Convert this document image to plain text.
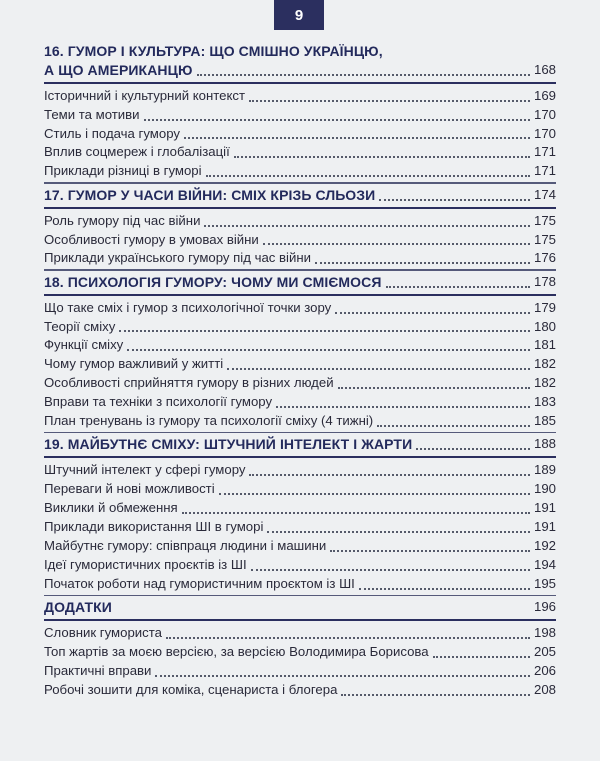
9
16. ГУМОР І КУЛЬТУРА: ЩО СМІШНО УКРАЇНЦЮ,
А ЩО АМЕРИКАНЦЮ	168
Історичний і культурний контекст	169
Теми та мотиви	170
Стиль і подача гумору	170
Вплив соцмереж і глобалізації	171
Приклади різниці в гуморі	171
17. ГУМОР У ЧАСИ ВІЙНИ: СМІХ КРІЗЬ СЛЬОЗИ	174
Роль гумору під час війни	175
Особливості гумору в умовах війни	175
Приклади українського гумору під час війни	176
18. ПСИХОЛОГІЯ ГУМОРУ: ЧОМУ МИ СМІЄМОСЯ	178
Що таке сміх і гумор з психологічної точки зору	179
Теорії сміху	180
Функції сміху	181
Чому гумор важливий у житті	182
Особливості сприйняття гумору в різних людей	182
Вправи та техніки з психології гумору	183
План тренувань із гумору та психології сміху (4 тижні)	185
19. МАЙБУТНЄ СМІХУ: ШТУЧНИЙ ІНТЕЛЕКТ І ЖАРТИ	188
Штучний інтелект у сфері гумору	189
Переваги й нові можливості	190
Виклики й обмеження	191
Приклади використання ШІ в гуморі	191
Майбутнє гумору: співпраця людини і машини	192
Ідеї гумористичних проєктів із ШІ	194
Початок роботи над гумористичним проєктом із ШІ	195
ДОДАТКИ	196
Словник гумориста	198
Топ жартів за моєю версією, за версією Володимира Борисова	205
Практичні вправи	206
Робочі зошити для коміка, сценариста і блогера	208
